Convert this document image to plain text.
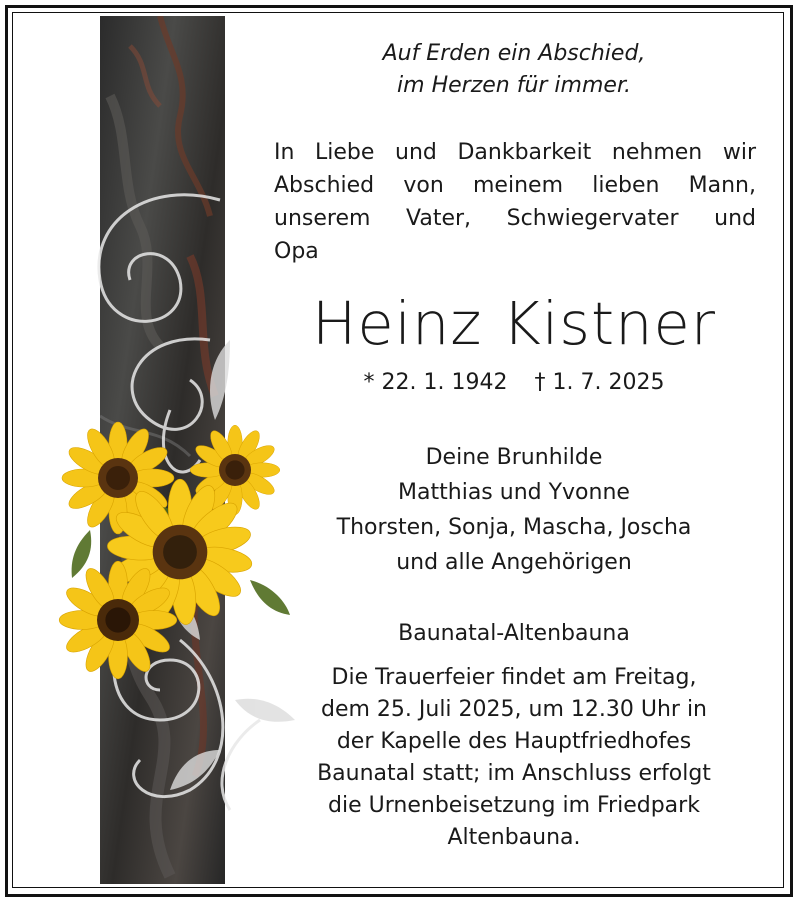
Auf Erden ein Abschied,
im Herzen für immer.
In Liebe und Dankbarkeit nehmen wir
Abschied von meinem lieben Mann,
unserem Vater, Schwiegervater und
Opa
Heinz Kistner
* 22. 1. 1942 † 1. 7. 2025
Deine Brunhilde
Matthias und Yvonne
Thorsten, Sonja, Mascha, Joscha
und alle Angehörigen
Baunatal-Altenbauna
Die Trauerfeier findet am Freitag,
dem 25. Juli 2025, um 12.30 Uhr in
der Kapelle des Hauptfriedhofes
Baunatal statt; im Anschluss erfolgt
die Urnenbeisetzung im Friedpark
Altenbauna.
